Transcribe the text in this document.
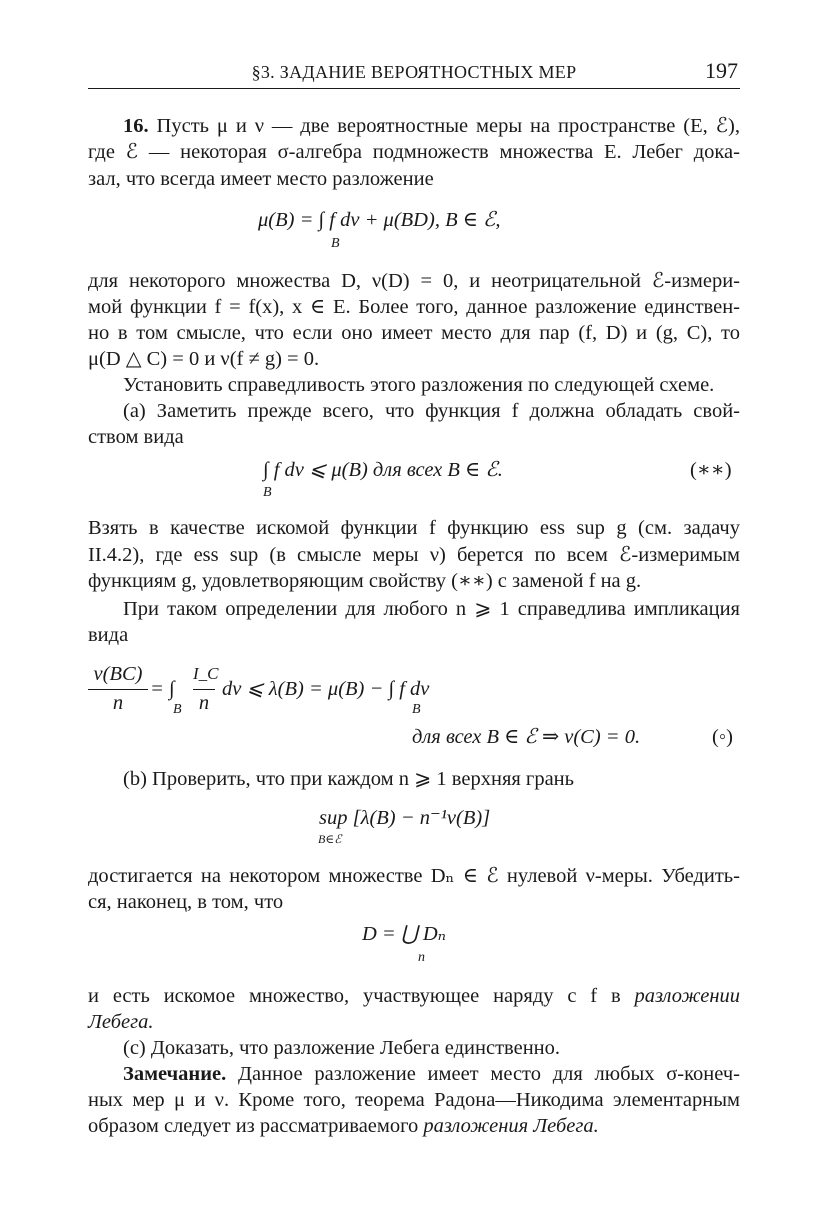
§3. ЗАДАНИЕ ВЕРОЯТНОСТНЫХ МЕР	197
16. Пусть μ и ν — две вероятностные меры на пространстве (E, ℰ),
где ℰ — некоторая σ-алгебра подмножеств множества E. Лебег дока-
зал, что всегда имеет место разложение
μ(B) = ∫ f dν + μ(BD), B ∈ ℰ,
B
для некоторого множества D, ν(D) = 0, и неотрицательной ℰ-измери-
мой функции f = f(x), x ∈ E. Более того, данное разложение единствен-
но в том смысле, что если оно имеет место для пар (f, D) и (g, C), то
μ(D △ C) = 0 и ν(f ≠ g) = 0.
Установить справедливость этого разложения по следующей схеме.
(a) Заметить прежде всего, что функция f должна обладать свой-
ством вида
∫ f dν ⩽ μ(B) для всех B ∈ ℰ.
B
(∗∗)
Взять в качестве искомой функции f функцию ess sup g (см. задачу
II.4.2), где ess sup (в смысле меры ν) берется по всем ℰ-измеримым
функциям g, удовлетворяющим свойству (∗∗) с заменой f на g.
При таком определении для любого n ⩾ 1 справедлива импликация
вида
ν(BC)
n
= ∫
B
I_C
n
dν ⩽ λ(B) = μ(B) − ∫ f dν
B
для всех B ∈ ℰ ⇒ ν(C) = 0.	(◦)
(b) Проверить, что при каждом n ⩾ 1 верхняя грань
sup [λ(B) − n⁻¹ν(B)]
B∈ℰ
достигается на некотором множестве Dₙ ∈ ℰ нулевой ν-меры. Убедить-
ся, наконец, в том, что
D = ⋃ Dₙ
n
и есть искомое множество, участвующее наряду с f в разложении
Лебега.
(c) Доказать, что разложение Лебега единственно.
Замечание. Данное разложение имеет место для любых σ-конеч-
ных мер μ и ν. Кроме того, теорема Радона—Никодима элементарным
образом следует из рассматриваемого разложения Лебега.
